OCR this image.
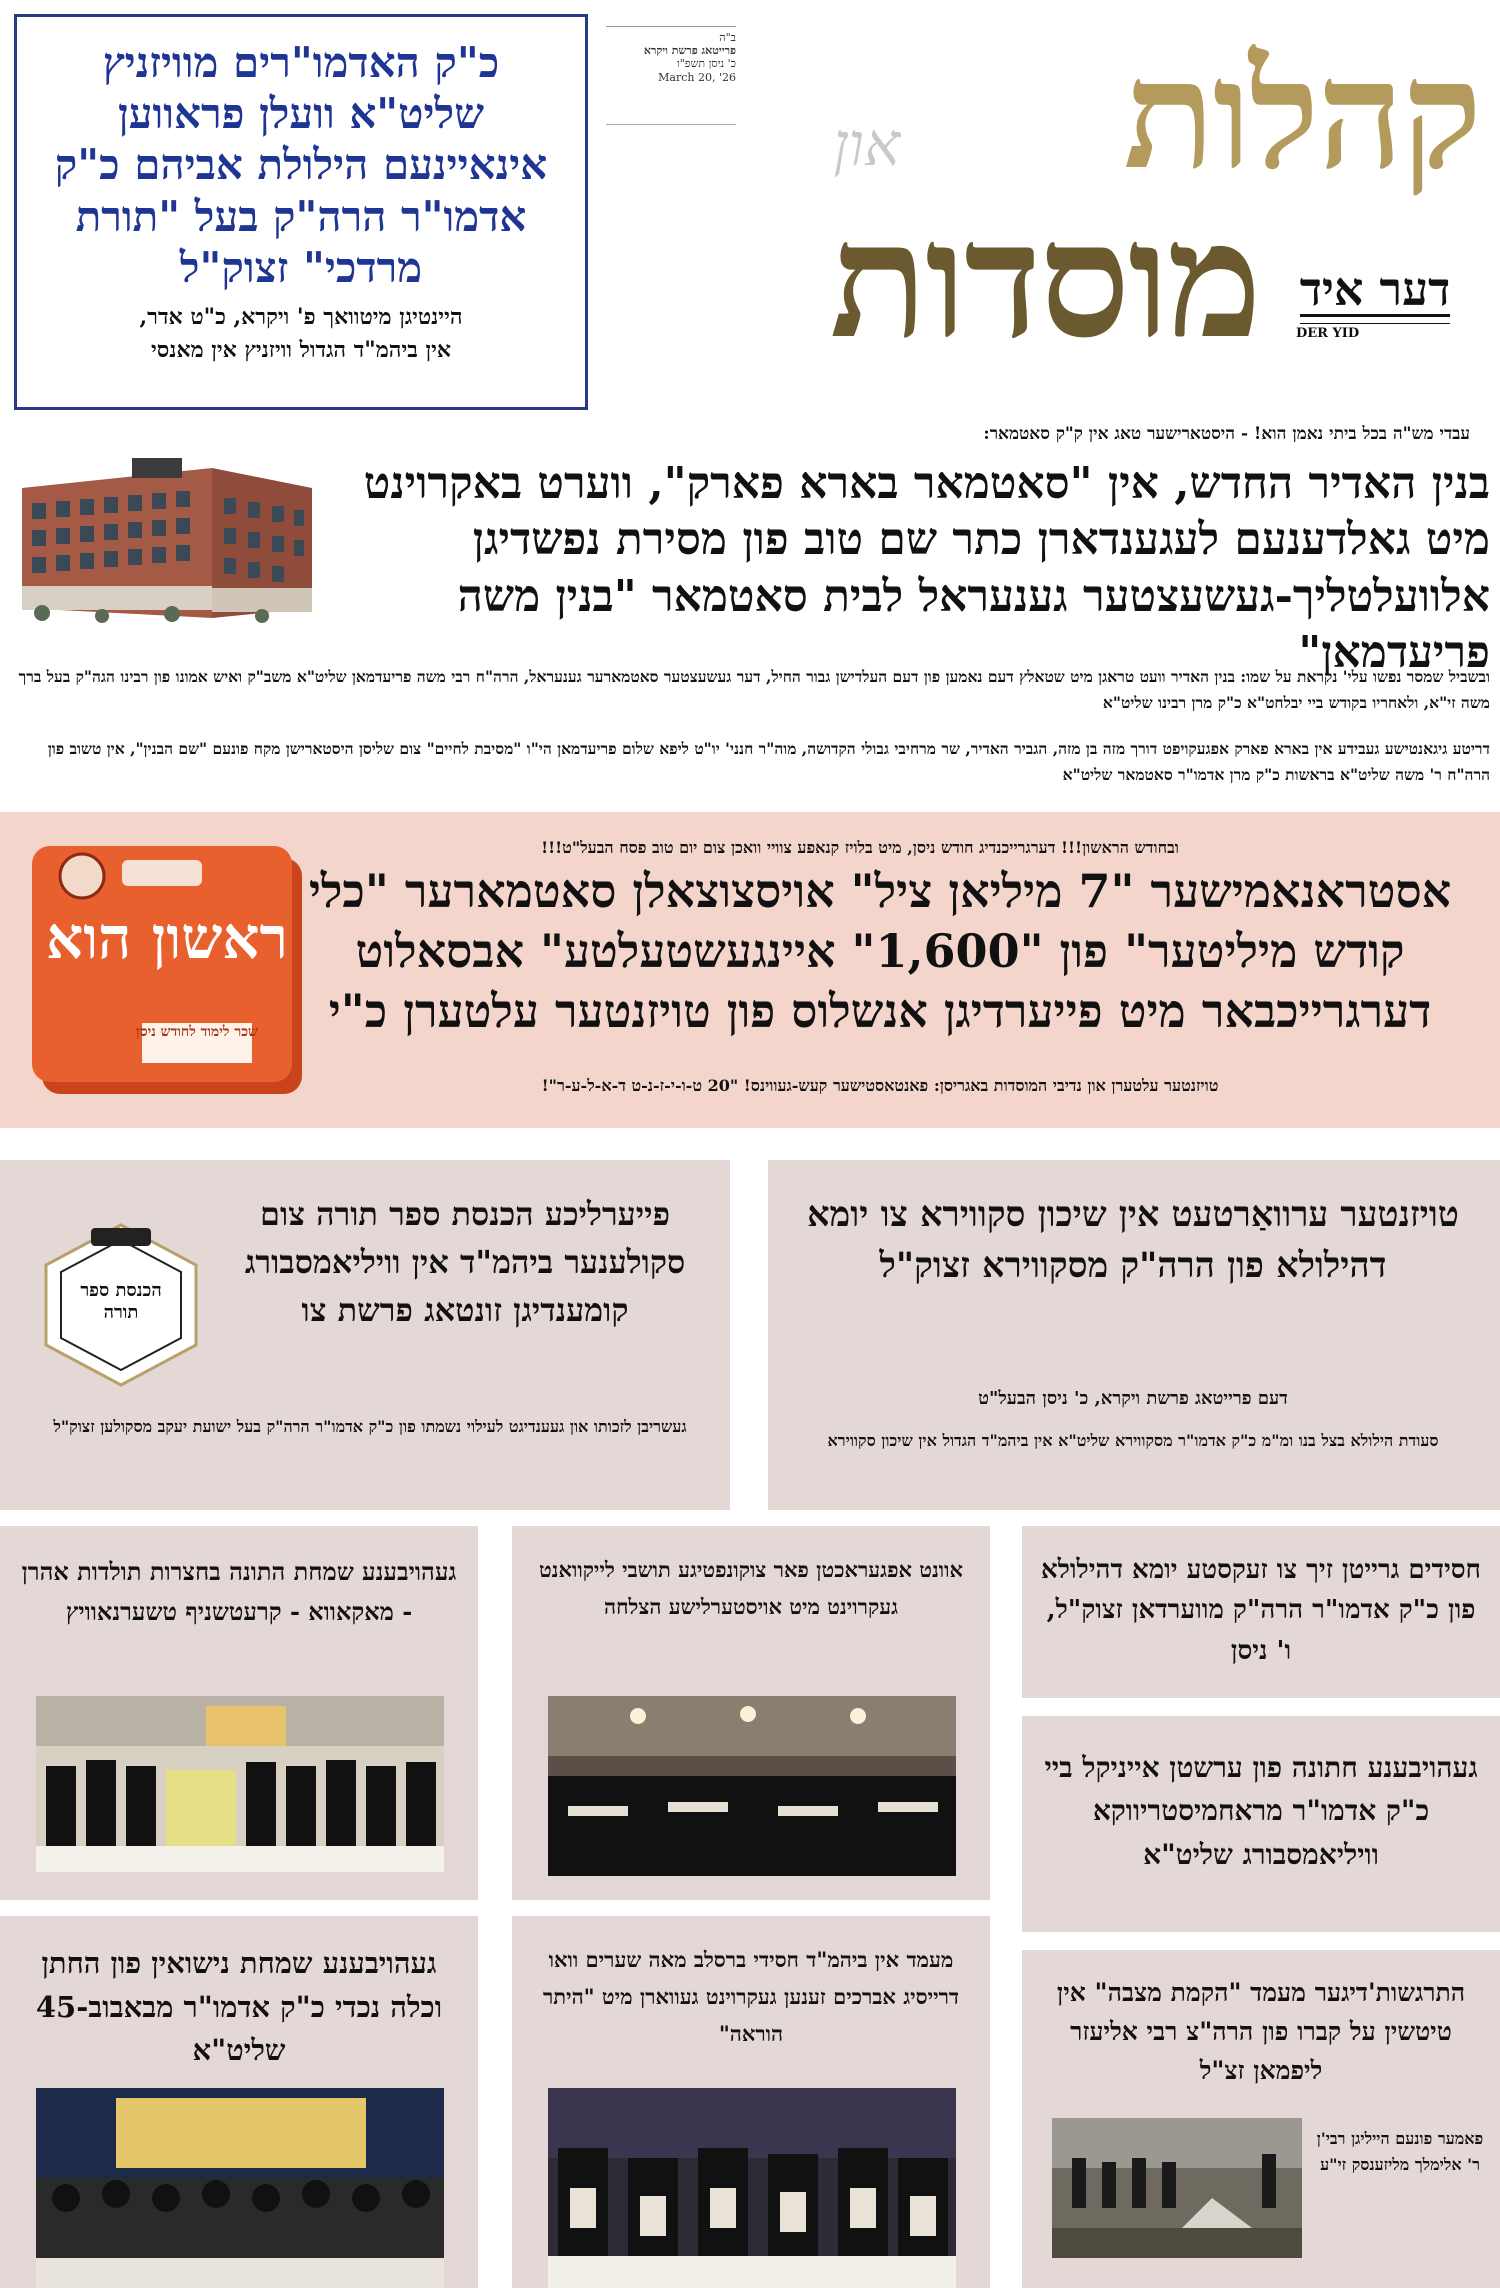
כ"ק האדמו"רים מוויזניץ שליט"א וועלן פראווען אינאיינעם הילולת אביהם כ"ק אדמו"ר הרה"ק בעל "תורת מרדכי" זצוק"ל
היינטיגן מיטוואך פ' ויקרא, כ"ט אדר,
אין ביהמ"ד הגדול וויזניץ אין מאנסי
ב"ה
פרייטאג פרשת ויקרא
כ' ניסן תשפ"ו
March 20, '26	קהלות
און
מוסדות דער איד
DER YID
עבדי מש"ה בכל ביתי נאמן הוא! - היסטארישער טאג אין ק"ק סאטמאר:
בנין האדיר החדש, אין "סאטמאר בארא פארק", ווערט באקרוינט מיט גאלדענעם לעגענדארן כתר שם טוב פון מסירת נפשדיגן אלוועלטליך-געשעצטער גענעראל לבית סאטמאר "בנין משה פריעדמאן"
ובשביל שמסר נפשו עלי' נקראת על שמו: בנין האדיר וועט טראגן מיט שטאלץ דעם נאמען פון דעם העלדישן גבור החיל, דער געשעצטער סאטמארער גענעראל, הרה"ח רבי משה פריעדמאן שליט"א משב"ק ואיש אמונו פון רבינו הגה"ק בעל ברך משה זי"א, ולאחריו בקודש ביי יבלחט"א כ"ק מרן רבינו שליט"א
דריטע גיגאנטישע געבידע אין בארא פארק אפגעקויפט דורך מזה בן מזה, הגביר האדיר, שר מרחיבי גבולי הקדושה, מוה"ר חנני' יו"ט ליפא שלום פריעדמאן הי"ו "מסיבת לחיים" צום שליסן היסטארישן מקח פונעם "שם הבנין", אין טשוב פון הרה"ח ר' משה שליט"א בראשות כ"ק מרן אדמו"ר סאטמאר שליט"א
ובחודש הראשון!!! דערגרייכנדיג חודש ניסן, מיט בלויז קנאפע צוויי וואכן צום יום טוב פסח הבעל"ט!!!
אסטראנאמישער "7 מיליאן ציל" אויסצוצאלן סאטמארער "כלי קודש מיליטער" פון "1,600" איינגעשטעלטע" אבסאלוט דערגרייכבאר מיט פייערדיגן אנשלוס פון טויזנטער עלטערן כ"י
טויזנטער עלטערן און נדיבי המוסדות באגריסן: פאנטאסטישער קעש-געווינס! "20 ט-ו-י-ז-נ-ט ד-א-ל-ע-ר"!
ראשון הוא
שכר לימוד לחודש ניסן
הכנסת ספר תורה
פייערליכע הכנסת ספר תורה צום סקולענער ביהמ"ד אין וויליאמסבורג קומענדיגן זונטאג פרשת צו
געשריבן לזכותו און געענדיגט לעילוי נשמתו פון כ"ק אדמו"ר הרה"ק בעל ישועת יעקב מסקולען זצוק"ל
טויזנטער ערוואַרטעט אין שיכון סקווירא צו יומא דהילולא פון הרה"ק מסקווירא זצוק"ל
דעם פרייטאג פרשת ויקרא, כ' ניסן הבעל"ט
סעודת הילולא בצל בנו ומ"מ כ"ק אדמו"ר מסקווירא שליט"א אין ביהמ"ד הגדול אין שיכון סקווירא
געהויבענע שמחת התונה בחצרות תולדות אהרן - מאקאווא - קרעטשניף טשערנאוויץ
אוונט אפגעראכטן פאר צוקונפטיגע תושבי לייקוואנט געקרוינט מיט אויסטערלישע הצלחה
חסידים גרייטן זיך צו זעקסטע יומא דהילולא פון כ"ק אדמו"ר הרה"ק מווערדאן זצוק"ל, ו' ניסן
געהויבענע חתונה פון ערשטן אייניקל ביי כ"ק אדמו"ר מראחמיסטריווקא וויליאמסבורג שליט"א
געהויבענע שמחת נישואין פון החתן וכלה נכדי כ"ק אדמו"ר מבאבוב-45 שליט"א
מעמד אין ביהמ"ד חסידי ברסלב מאה שערים וואו דרייסיג אברכים זענען געקרוינט געווארן מיט "היתר הוראה"
התרגשות'דיגער מעמד "הקמת מצבה" אין טיטשין על קברו פון הרה"צ רבי אליעזר ליפמאן זצ"ל
פאמער פונעם הייליגן רבי'ן ר' אלימלך מליזענסק זי"ע
